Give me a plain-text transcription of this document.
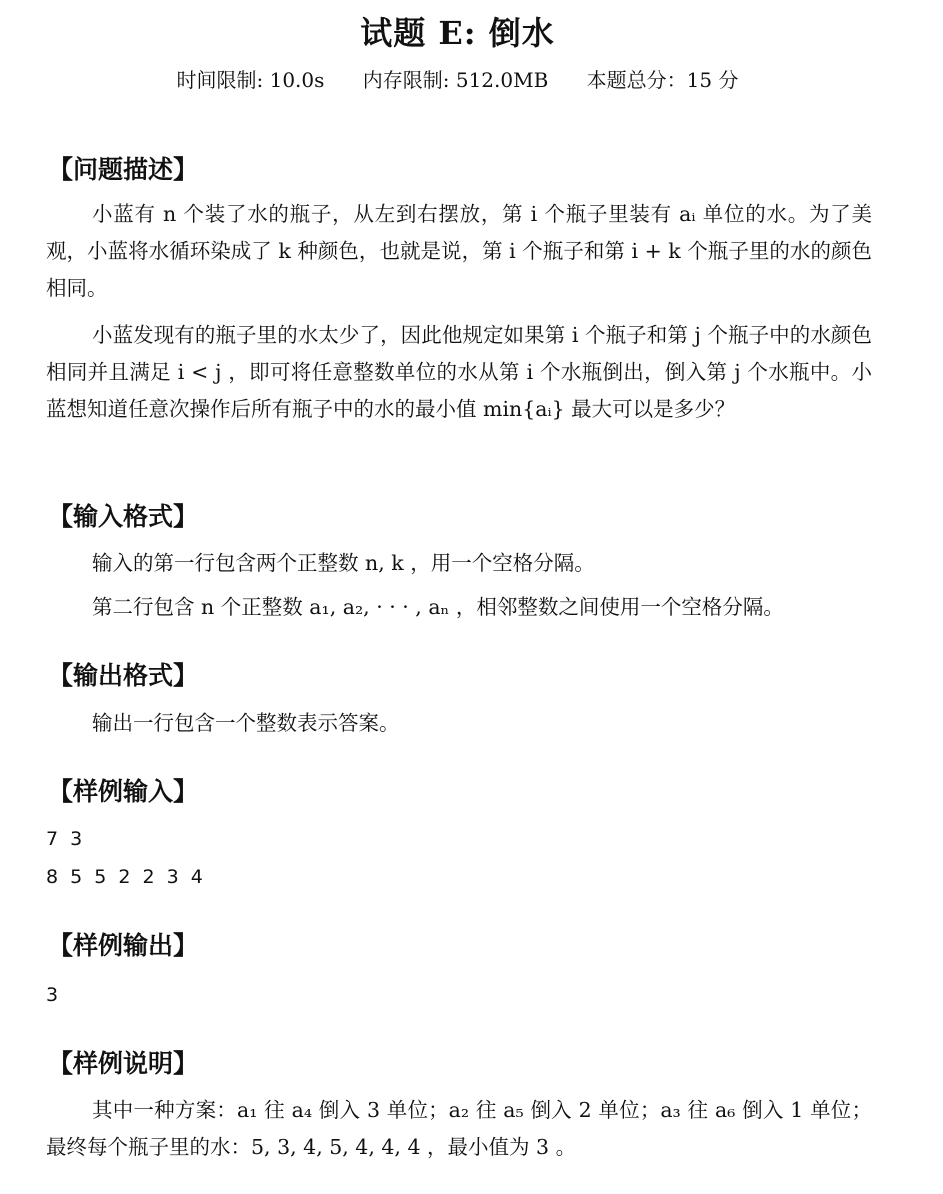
试题 E: 倒水
时间限制: 10.0s 内存限制: 512.0MB 本题总分：15 分
【问题描述】
小蓝有 n 个装了水的瓶子，从左到右摆放，第 i 个瓶子里装有 aᵢ 单位的水。为了美观，小蓝将水循环染成了 k 种颜色，也就是说，第 i 个瓶子和第 i + k 个瓶子里的水的颜色相同。
小蓝发现有的瓶子里的水太少了，因此他规定如果第 i 个瓶子和第 j 个瓶子中的水颜色相同并且满足 i < j ，即可将任意整数单位的水从第 i 个水瓶倒出，倒入第 j 个水瓶中。小蓝想知道任意次操作后所有瓶子中的水的最小值 min{aᵢ} 最大可以是多少？
【输入格式】
输入的第一行包含两个正整数 n, k ，用一个空格分隔。
第二行包含 n 个正整数 a₁, a₂, · · · , aₙ ，相邻整数之间使用一个空格分隔。
【输出格式】
输出一行包含一个整数表示答案。
【样例输入】
7 3
8 5 5 2 2 3 4
【样例输出】
3
【样例说明】
其中一种方案：a₁ 往 a₄ 倒入 3 单位；a₂ 往 a₅ 倒入 2 单位；a₃ 往 a₆ 倒入 1 单位；最终每个瓶子里的水：5, 3, 4, 5, 4, 4, 4 ，最小值为 3 。
